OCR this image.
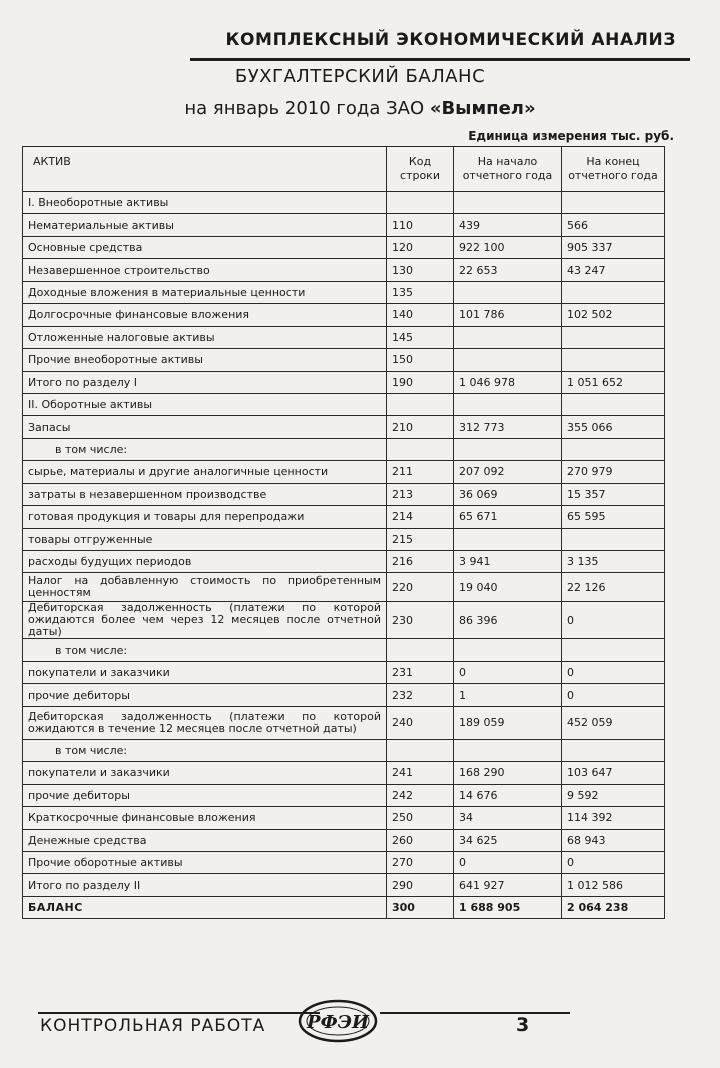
КОМПЛЕКСНЫЙ ЭКОНОМИЧЕСКИЙ АНАЛИЗ
БУХГАЛТЕРСКИЙ БАЛАНС
на январь 2010 года ЗАО «Вымпел»
Единица измерения тыс. руб.
АКТИВ	Код строки	На начало отчетного года	На конец отчетного года
I. Внеоборотные активы			
Нематериальные активы	110	439	566
Основные средства	120	922 100	905 337
Незавершенное строительство	130	22 653	43 247
Доходные вложения в материальные ценности	135		
Долгосрочные финансовые вложения	140	101 786	102 502
Отложенные налоговые активы	145		
Прочие внеоборотные активы	150		
Итого по разделу I	190	1 046 978	1 051 652
II. Оборотные активы			
Запасы	210	312 773	355 066
в том числе:			
сырье, материалы и другие аналогичные ценности	211	207 092	270 979
затраты в незавершенном производстве	213	36 069	15 357
готовая продукция и товары для перепродажи	214	65 671	65 595
товары отгруженные	215		
расходы будущих периодов	216	3 941	3 135
Налог на добавленную стоимость по приобретенным ценностям	220	19 040	22 126
Дебиторская задолженность (платежи по которой ожидаются более чем через 12 месяцев после отчетной даты)	230	86 396	0
в том числе:			
покупатели и заказчики	231	0	0
прочие дебиторы	232	1	0
Дебиторская задолженность (платежи по которой ожидаются в течение 12 месяцев после отчетной даты)	240	189 059	452 059
в том числе:			
покупатели и заказчики	241	168 290	103 647
прочие дебиторы	242	14 676	9 592
Краткосрочные финансовые вложения	250	34	114 392
Денежные средства	260	34 625	68 943
Прочие оборотные активы	270	0	0
Итого по разделу II	290	641 927	1 012 586
БАЛАНС	300	1 688 905	2 064 238
КОНТРОЛЬНАЯ РАБОТА РФЭИ	3
